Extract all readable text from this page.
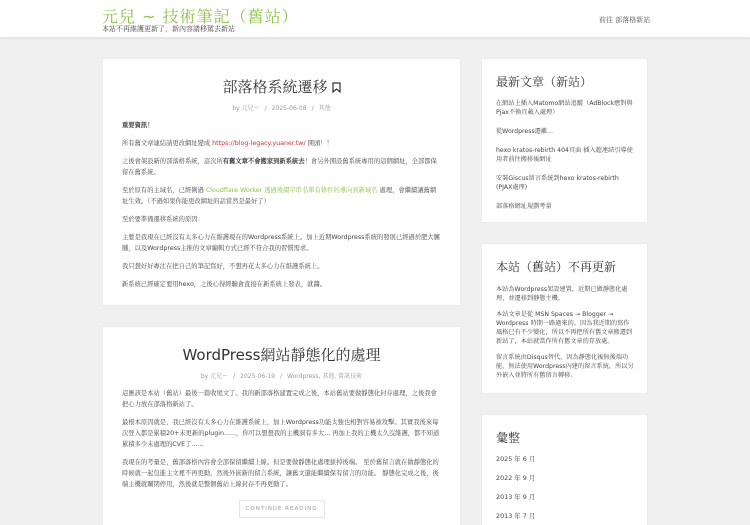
元兒 ~ 技術筆記（舊站）
本站不再維護更新了，新內容請移駕去新站
前往 部落格新站
部落格系統遷移
by 元兒～ / 2025-06-08 / 其他

重要資訊！

所有舊文章連結請更改網址變成 https://blog-legacy.yuaner.tw/ 開頭！！

之後會架設新的部落格系統，這次所有舊文章不會搬家到新系統去！會另外開設舊系統專用的這個網址，全部都保留在舊系統。

至於原有的主域名，已經俐過 Cloudflare Worker 透過後綴字串名單有條件的導向到新域名 處理，會繼續讓舊網址生效。（不過如果你能更改網址的話當然是最好了）

至於要準備遷移系統的原因：

主要是我現在已經沒有太多心力在維護現在的Wordpress系統上。加上近期Wordpress系統的發展已經過於肥大臃腫，以及Wordpress主推的文章編輯方式已經不符合我的習慣需求。

我只想好好專注在把自己的筆記寫好，不想再花太多心力在維護系統上。

新系統已經確定要用hexo，之後心得經驗會直接在新系統上發表，就醬。

WordPress網站靜態化的處理
by 元兒～ / 2025-06-19 / Wordpress, 其他, 資訊技術

這應該是本站（舊站）最後一篇收尾文了。我的新部落格建置完成之後，本站舊站要做靜態化封存處理，之後我會把心力放在部落格新站了。

最根本原因就是，我已經沒有太多心力在維護系統上，加上Wordpress功能太強也相對容易被攻擊。其實我後來每次登入都是累積20+未更新的plugin......，你可以想想我的主機洞有多大... 再加上我的主機太久沒維護，都不知道累積多少未處理的CVE了......

我現在的考量是，舊部落格內容會全部保留繼續上線。但是要做靜態化處理拔掉後端。 至於舊留言就在做靜態化的時候就一起包進主文裡不再更動，然後外嵌新的留言系統，讓舊文還能繼續保有留言的功能。 靜態化完成之後，後端主機就關閉停用，然後就是整個舊站上線封存不再更動了。

CONTINUE READING
最新文章（新站）
在網站上插入Matomo網站追蹤（AdBlock應對與 Pjax不換頁載入處理）
從Wordpress遷離...
hexo kratos-rebirth 404頁面 插入超連結引導使用者前往搬移後網址
安裝Giscus留言系統到hexo kratos-rebirth (PJAX處理)
部落格網址規劃考量
本站（舊站）不再更新

本站為Wordpress架設建置，近期已做靜態化處理，並遷移到靜態主機。

本站文章是從 MSN Spaces → Blogger → Wordpress 時期一路過來的。因為我近期的寫作風格已有不少變化，所以不再把所有舊文章搬遷到新站了，本站就當作所有舊文章的存放處。

留言系統由Disqus替代，因為靜態化後無後端功能，無法使用Wordpress內建的留言系統，所以另外嵌入並將所有舊留言轉移。

彙整
2025 年 6 月
2022 年 9 月
2013 年 9 月
2013 年 7 月
